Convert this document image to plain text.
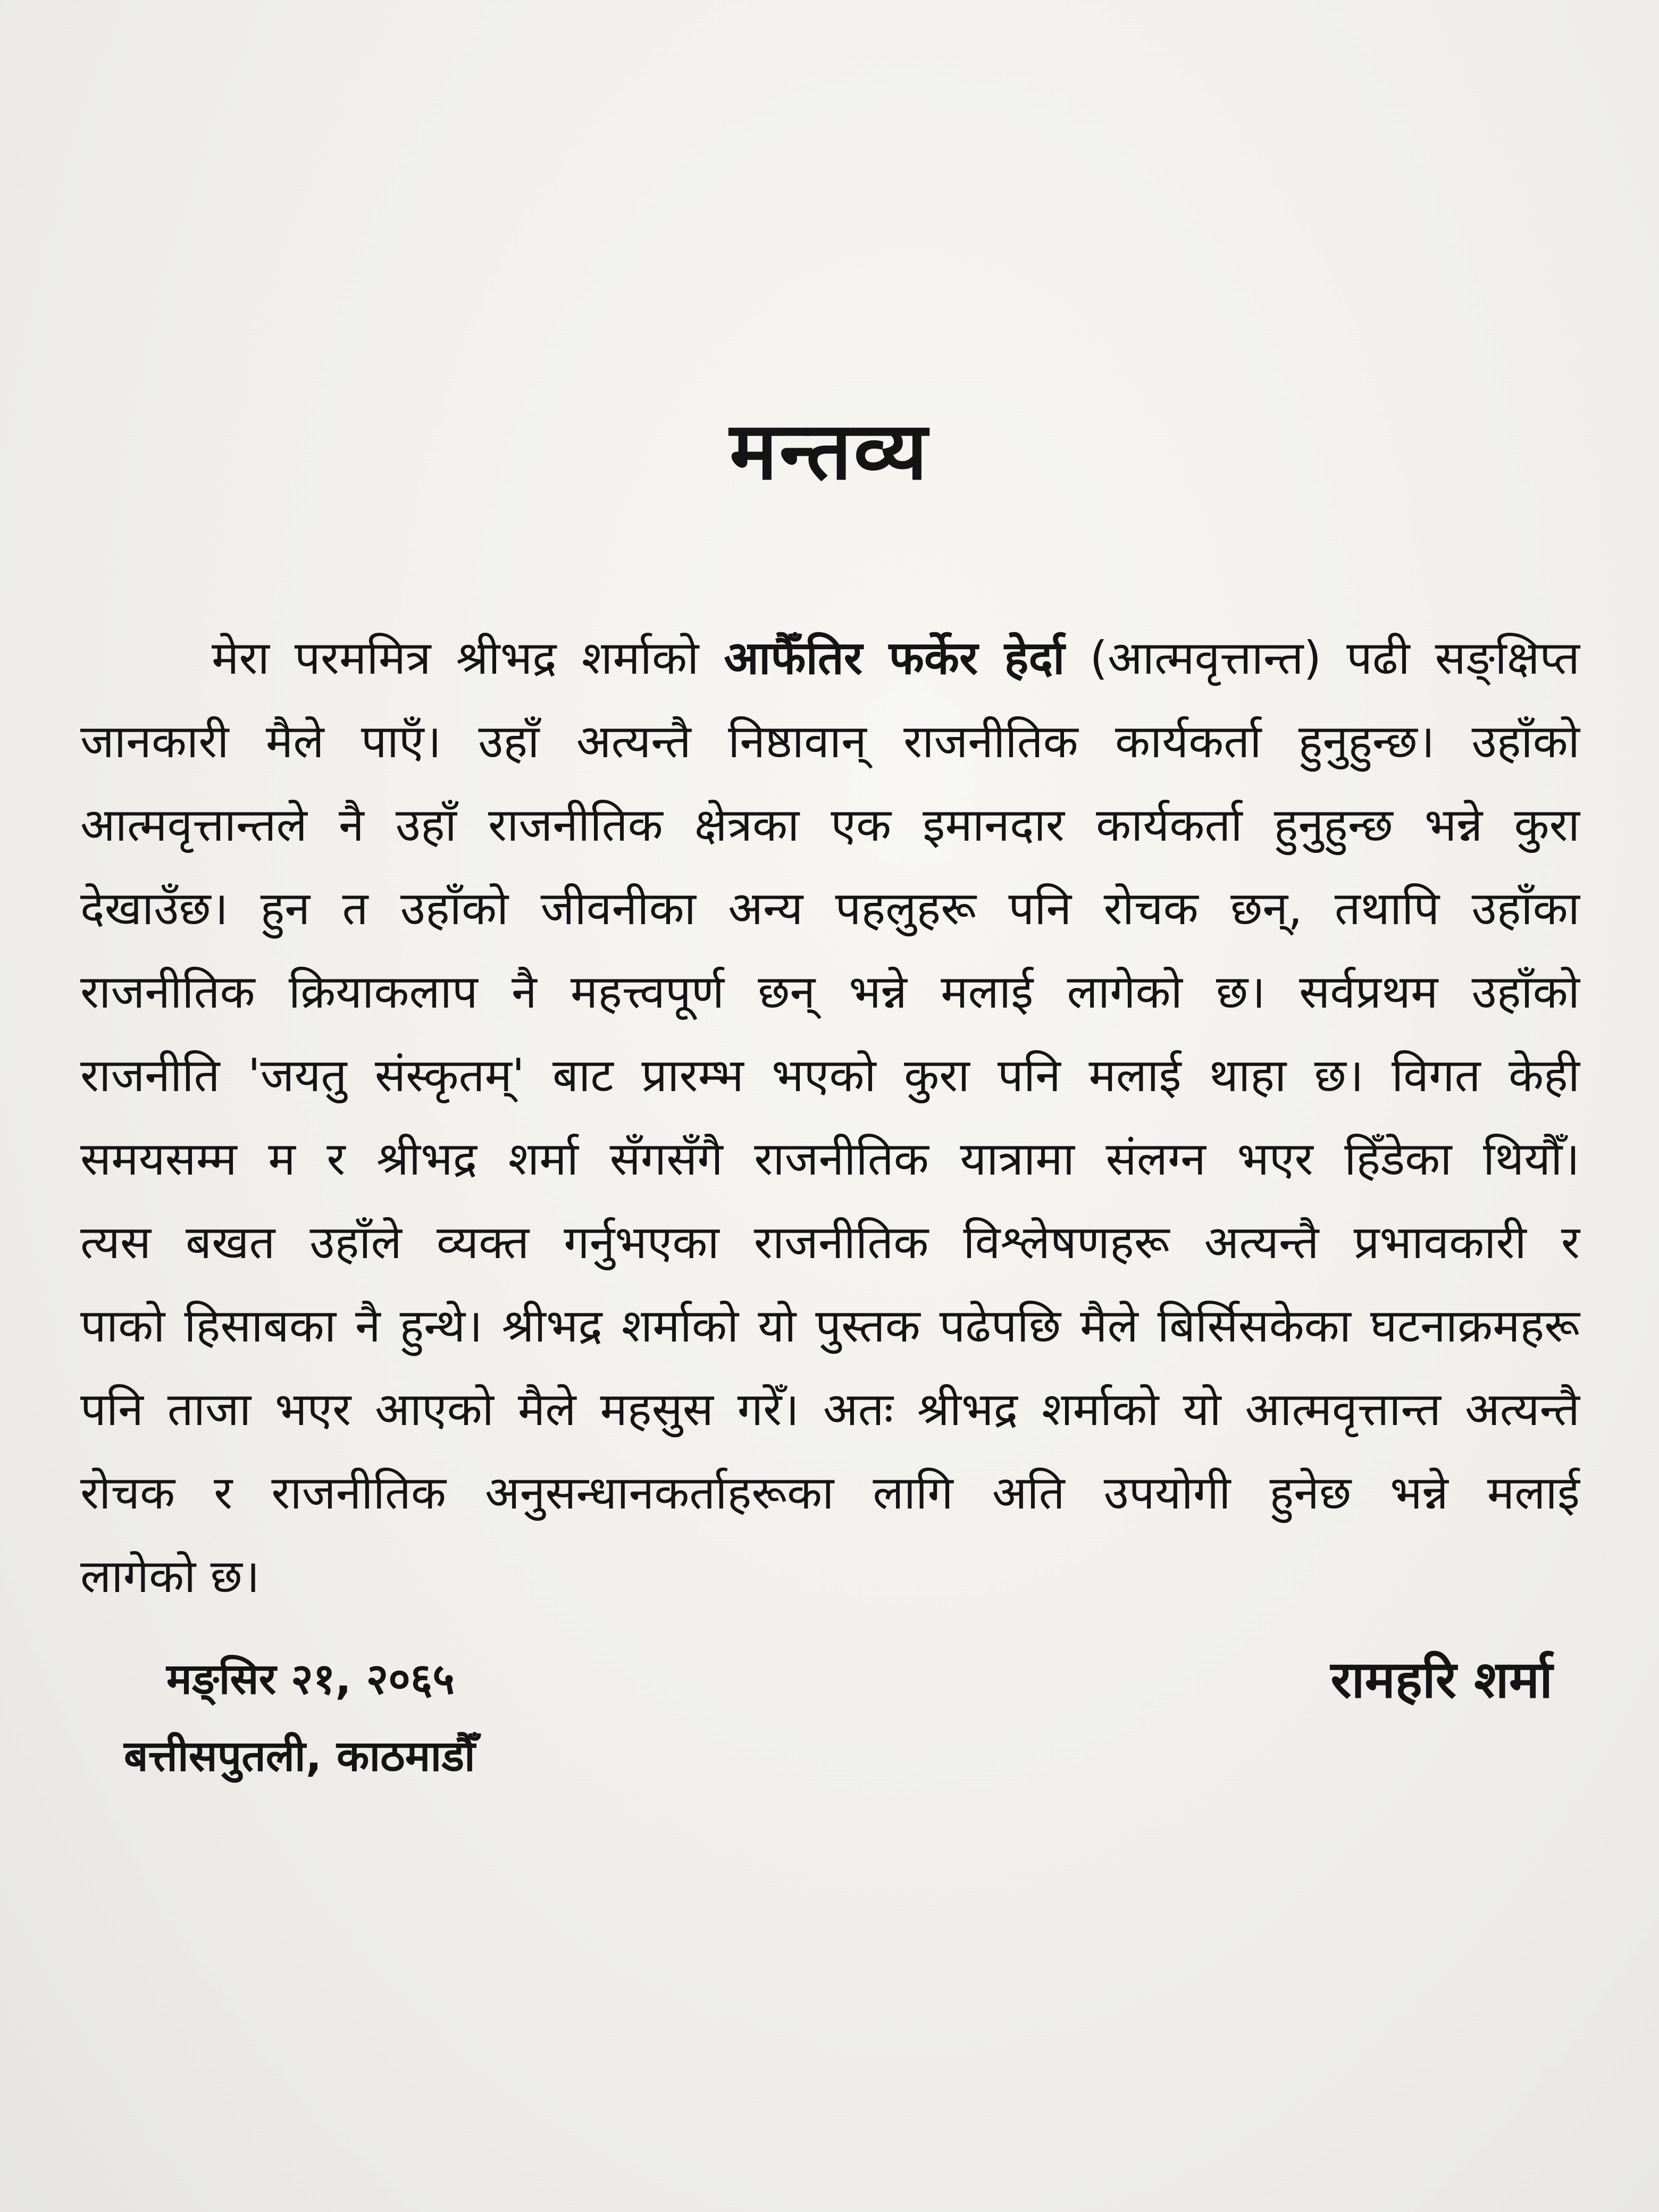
मन्तव्य
मेरा परममित्र श्रीभद्र शर्माको आफैँतिर फर्केर हेर्दा (आत्मवृत्तान्त) पढी सङ्क्षिप्त
जानकारी मैले पाएँ। उहाँ अत्यन्तै निष्ठावान् राजनीतिक कार्यकर्ता हुनुहुन्छ। उहाँको
आत्मवृत्तान्तले नै उहाँ राजनीतिक क्षेत्रका एक इमानदार कार्यकर्ता हुनुहुन्छ भन्ने कुरा
देखाउँछ। हुन त उहाँको जीवनीका अन्य पहलुहरू पनि रोचक छन्, तथापि उहाँका
राजनीतिक क्रियाकलाप नै महत्त्वपूर्ण छन् भन्ने मलाई लागेको छ। सर्वप्रथम उहाँको
राजनीति 'जयतु संस्कृतम्' बाट प्रारम्भ भएको कुरा पनि मलाई थाहा छ। विगत केही
समयसम्म म र श्रीभद्र शर्मा सँगसँगै राजनीतिक यात्रामा संलग्न भएर हिँडेका थियौँ।
त्यस बखत उहाँले व्यक्त गर्नुभएका राजनीतिक विश्लेषणहरू अत्यन्तै प्रभावकारी र
पाको हिसाबका नै हुन्थे। श्रीभद्र शर्माको यो पुस्तक पढेपछि मैले बिर्सिसकेका घटनाक्रमहरू
पनि ताजा भएर आएको मैले महसुस गरेँ। अतः श्रीभद्र शर्माको यो आत्मवृत्तान्त अत्यन्तै
रोचक र राजनीतिक अनुसन्धानकर्ताहरूका लागि अति उपयोगी हुनेछ भन्ने मलाई
लागेको छ।
मङ्सिर २१, २०६५
बत्तीसपुतली, काठमाडौँ
रामहरि शर्मा
